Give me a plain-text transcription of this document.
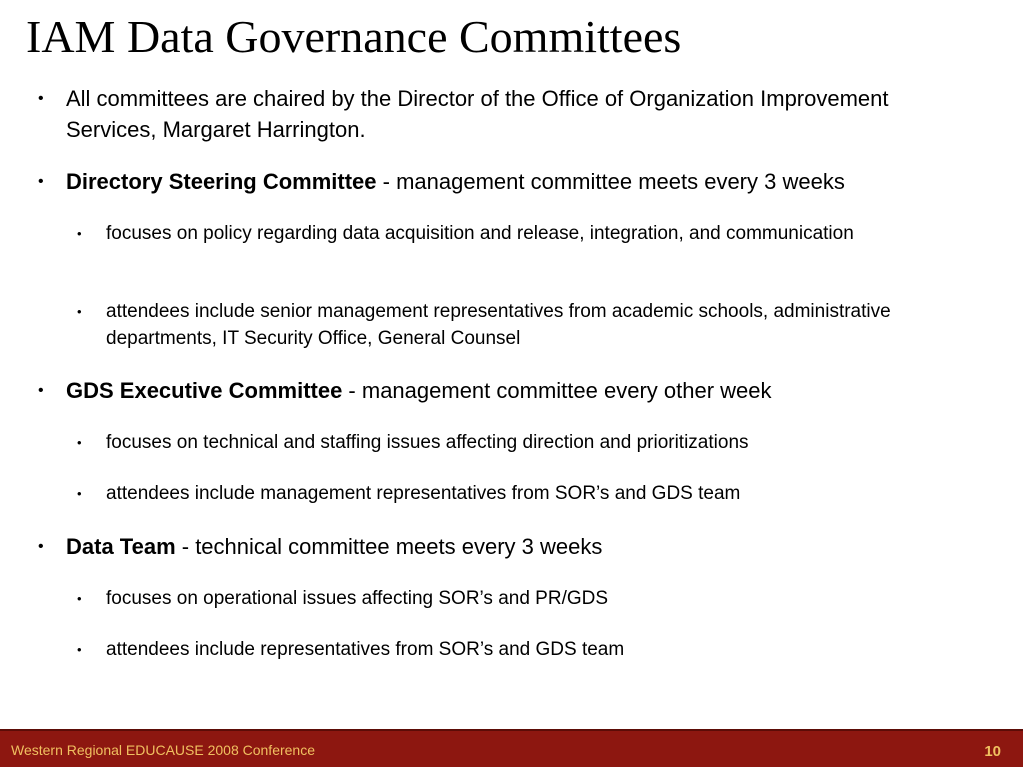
IAM Data Governance Committees
• All committees are chaired by the Director of the Office of Organization Improvement Services, Margaret Harrington.
• Directory Steering Committee - management committee meets every 3 weeks
• focuses on policy regarding data acquisition and release, integration, and communication
• attendees include senior management representatives from academic schools, administrative departments, IT Security Office, General Counsel
• GDS Executive Committee - management committee every other week
• focuses on technical and staffing issues affecting direction and prioritizations
• attendees include management representatives from SOR’s and GDS team
• Data Team - technical committee meets every 3 weeks
• focuses on operational issues affecting SOR’s and PR/GDS
• attendees include representatives from SOR’s and GDS team
Western Regional EDUCAUSE 2008 Conference	10
